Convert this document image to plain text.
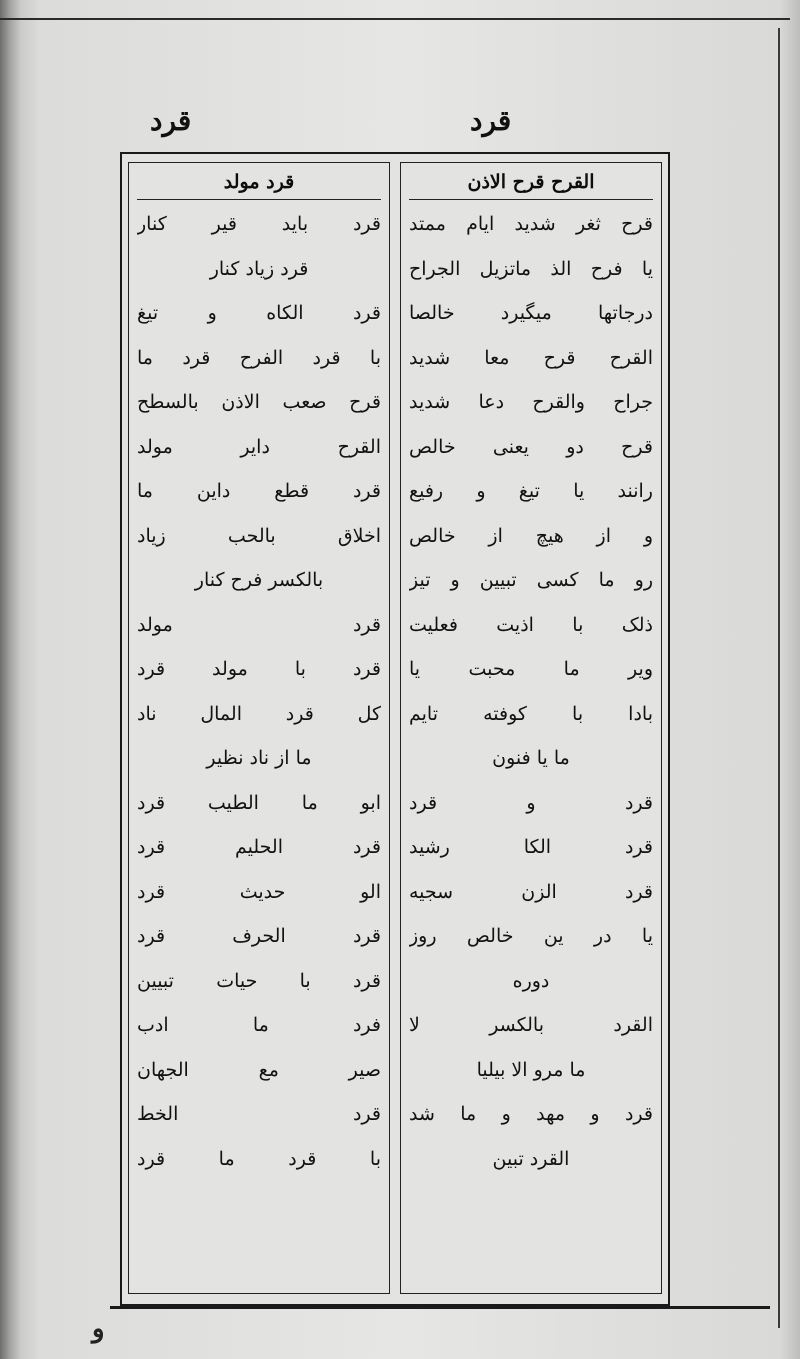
قرد
قرد
القرح قرح الاذن
قرح ثغر شدید ایام ممتد
یا فرح الذ ماتزیل الجراح
درجاتها میگیرد خالصا
القرح قرح معا شدید
جراح والقرح دعا شدید
قرح دو یعنی خالص
رانند یا تیغ و رفیع
و از هیچ از خالص
رو ما کسی تبیین و تیز
ذلک با اذیت فعلیت
ویر ما محبت یا
بادا با کوفته تایم
ما یا فنون
قرد و قرد
قرد الکا رشید
قرد الزن سجیه
یا در ین خالص روز
دوره
القرد بالکسر لا
ما مرو الا بیلیا
قرد و مهد و ما شد
القرد تبین
قرد مولد
قرد باید قیر کنار
قرد زیاد کنار
قرد الکاه و تیغ
با قرد الفرح قرد ما
قرح صعب الاذن بالسطح
القرح دایر مولد
قرد قطع داین ما
اخلاق بالحب زیاد
بالکسر فرح کنار
قرد مولد
قرد با مولد قرد
کل قرد المال ناد
ما از ناد نظیر
ابو ما الطیب قرد
قرد الحلیم قرد
الو حدیث قرد
قرد الحرف قرد
قرد با حیات تبیین
فرد ما ادب
صیر مع الجهان
قرد الخط
با قرد ما قرد
و
